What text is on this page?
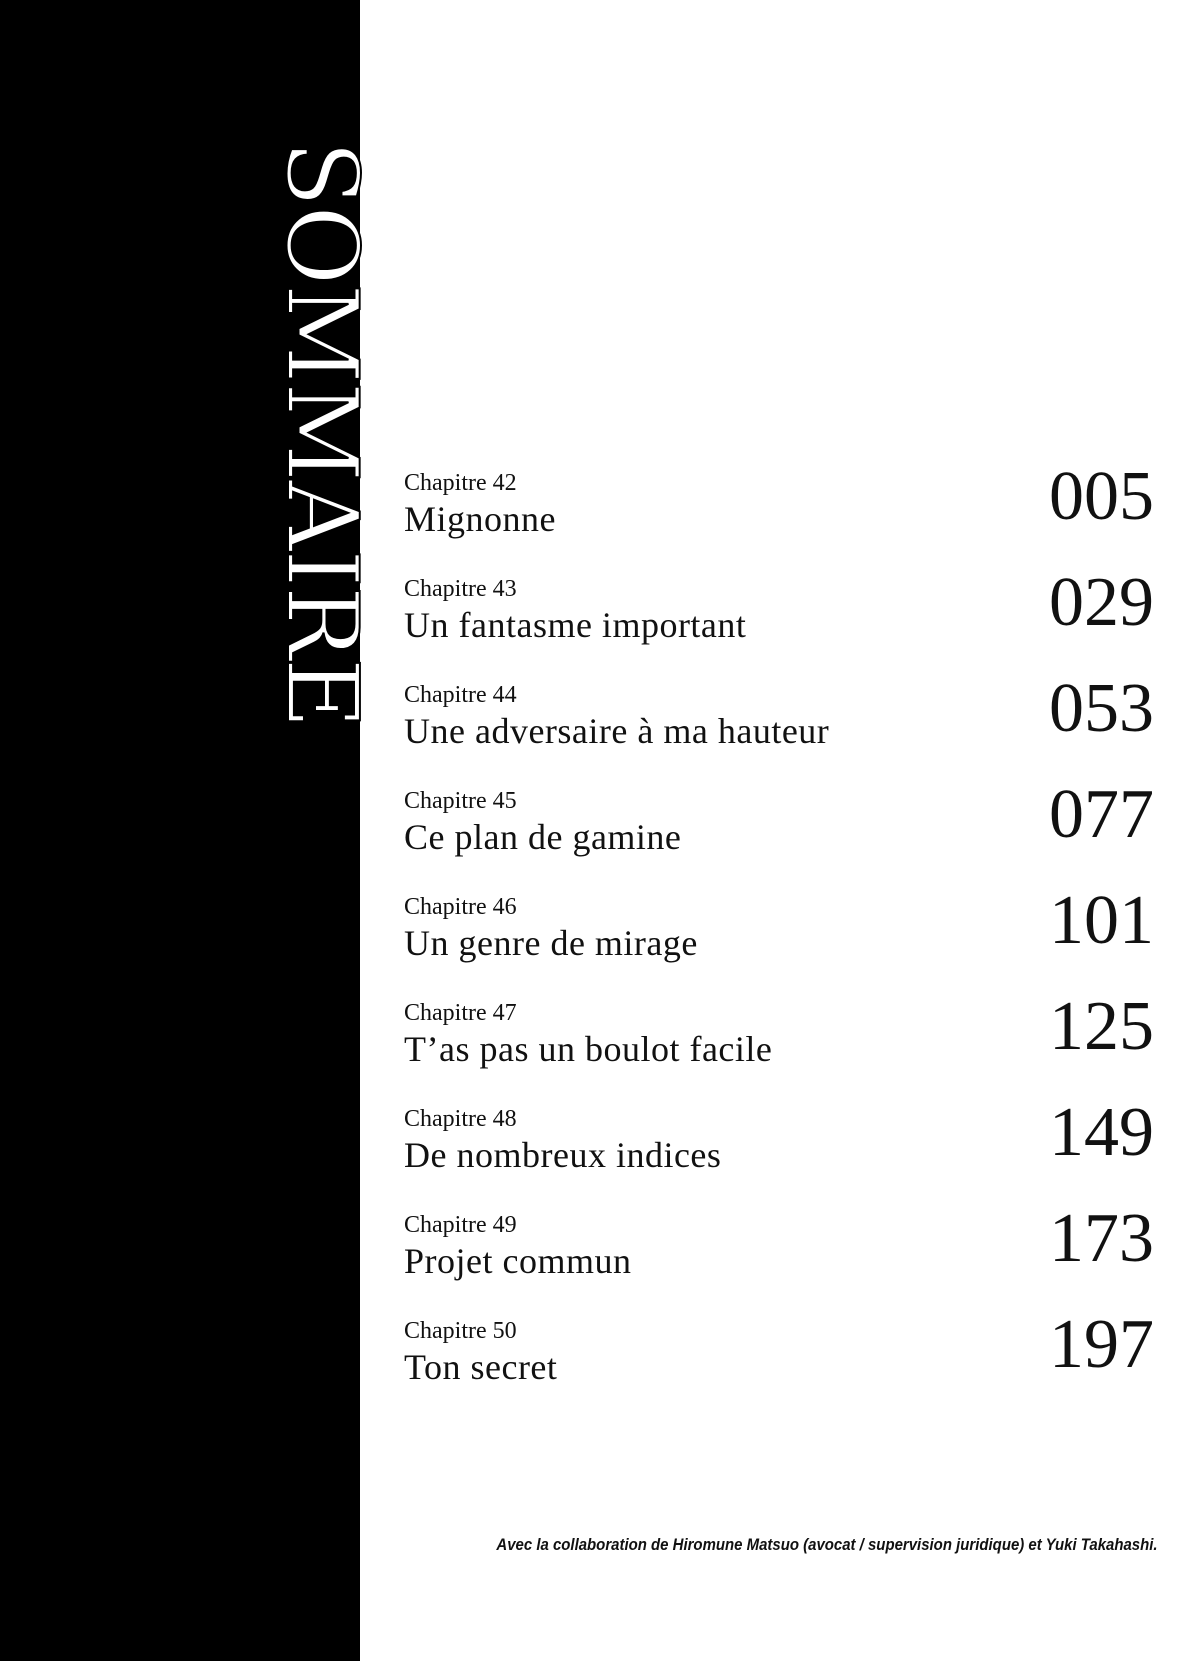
SOMMAIRE Chapitre 42
Mignonne	005
Chapitre 43
Un fantasme important	029
Chapitre 44
Une adversaire à ma hauteur	053
Chapitre 45
Ce plan de gamine	077
Chapitre 46
Un genre de mirage	101
Chapitre 47
T’as pas un boulot facile	125
Chapitre 48
De nombreux indices	149
Chapitre 49
Projet commun	173
Chapitre 50
Ton secret	197
Avec la collaboration de Hiromune Matsuo (avocat / supervision juridique) et Yuki Takahashi.
